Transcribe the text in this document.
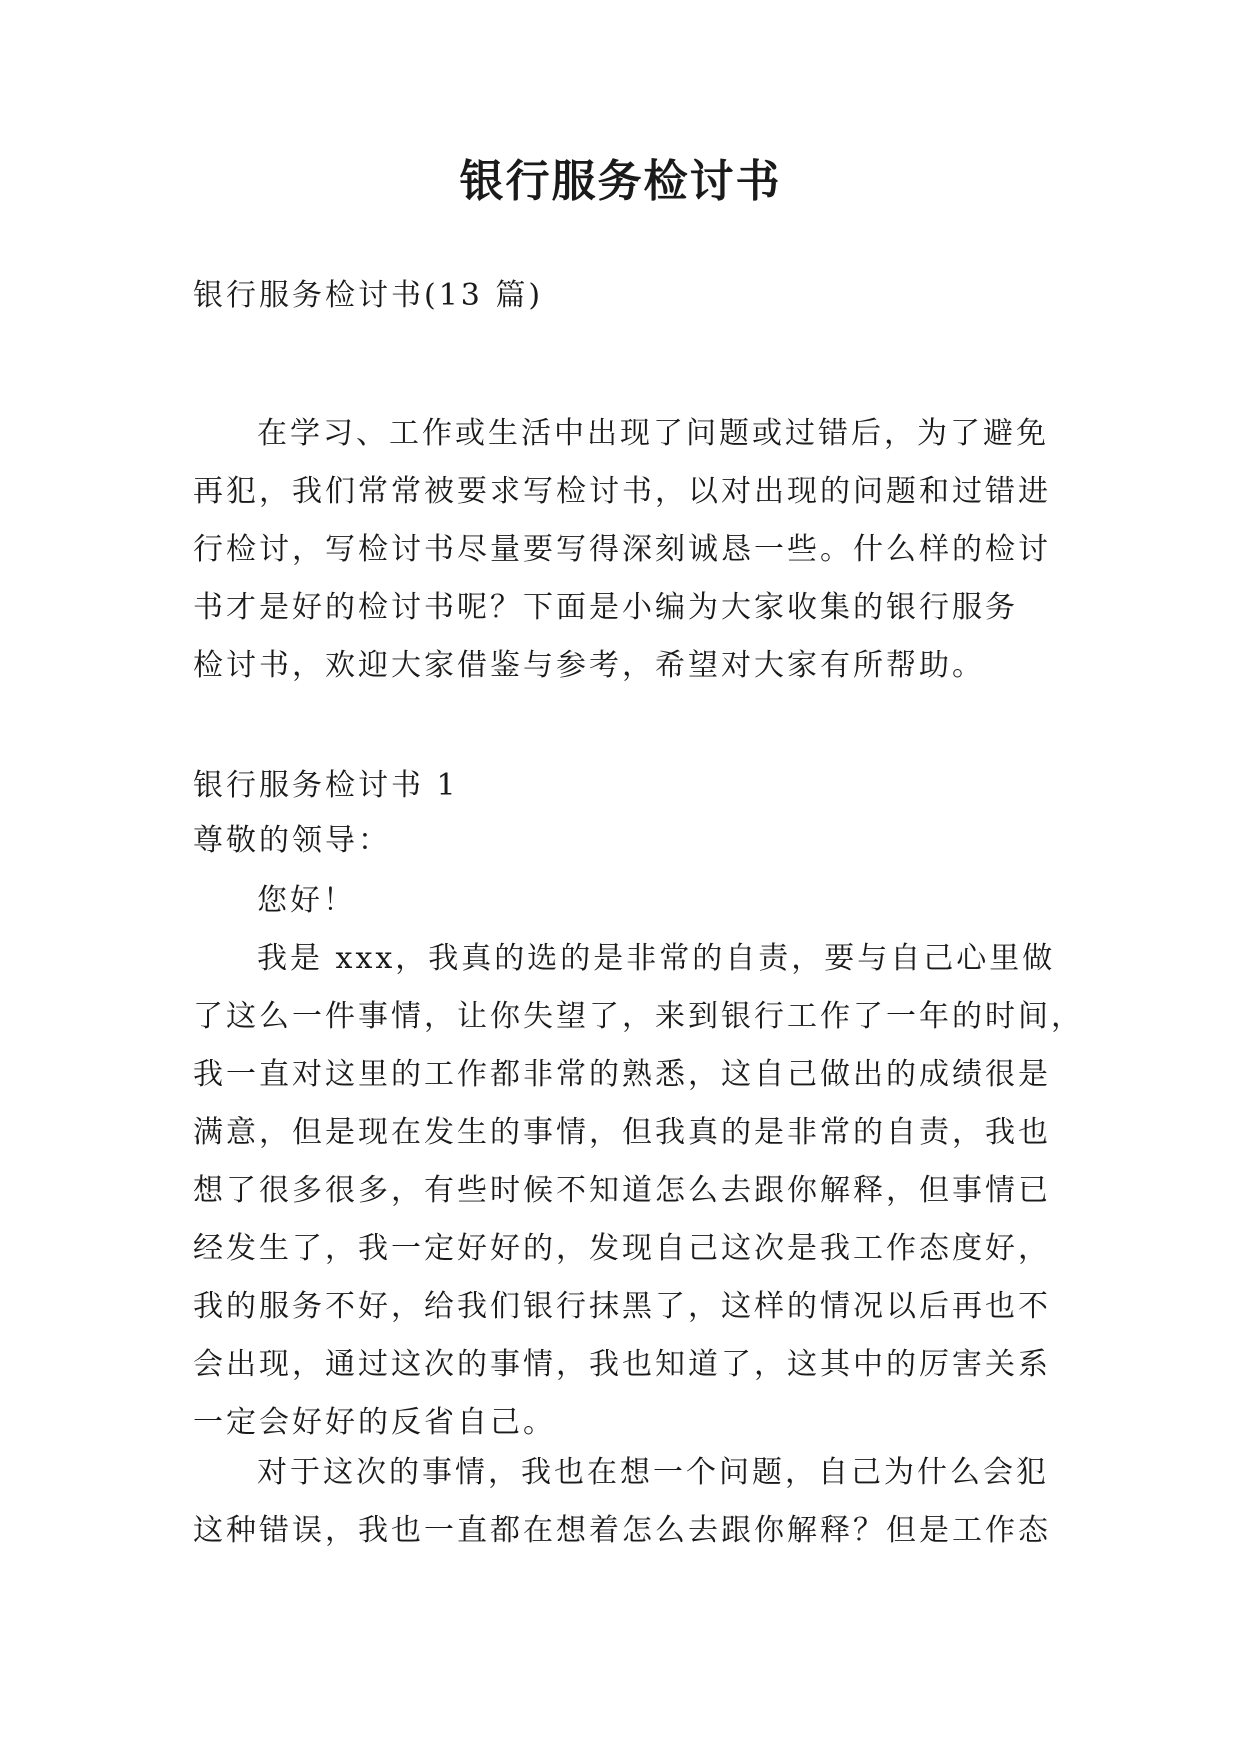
银行服务检讨书

银行服务检讨书(13 篇)

在学习、工作或生活中出现了问题或过错后，为了避免

再犯，我们常常被要求写检讨书，以对出现的问题和过错进

行检讨，写检讨书尽量要写得深刻诚恳一些。什么样的检讨

书才是好的检讨书呢？下面是小编为大家收集的银行服务

检讨书，欢迎大家借鉴与参考，希望对大家有所帮助。

银行服务检讨书 1

尊敬的领导：

您好！

我是 xxx，我真的选的是非常的自责，要与自己心里做

了这么一件事情，让你失望了，来到银行工作了一年的时间，

我一直对这里的工作都非常的熟悉，这自己做出的成绩很是

满意，但是现在发生的事情，但我真的是非常的自责，我也

想了很多很多，有些时候不知道怎么去跟你解释，但事情已

经发生了，我一定好好的，发现自己这次是我工作态度好，

我的服务不好，给我们银行抹黑了，这样的情况以后再也不

会出现，通过这次的事情，我也知道了，这其中的厉害关系

一定会好好的反省自己。

对于这次的事情，我也在想一个问题，自己为什么会犯

这种错误，我也一直都在想着怎么去跟你解释？但是工作态
